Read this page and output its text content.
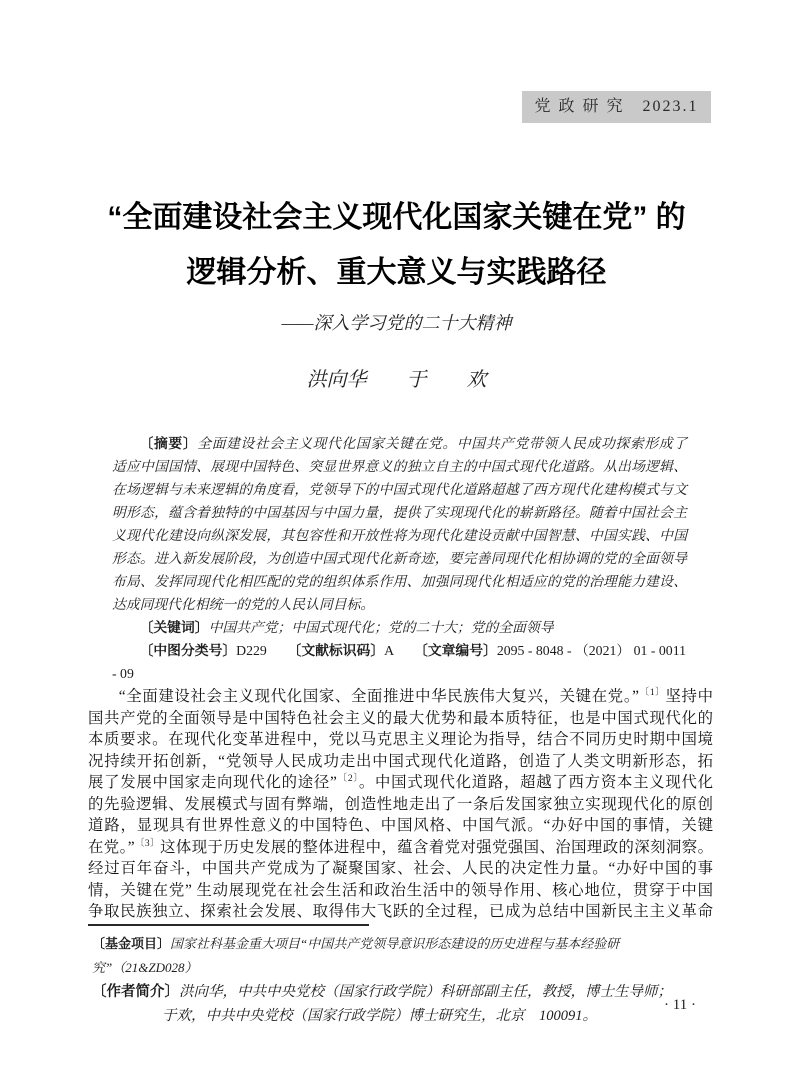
党 政 研 究　2023.1
“全面建设社会主义现代化国家关键在党” 的
逻辑分析、重大意义与实践路径
——深入学习党的二十大精神
洪向华　　于　　欢
〔摘要〕全面建设社会主义现代化国家关键在党。中国共产党带领人民成功探索形成了
适应中国国情、展现中国特色、突显世界意义的独立自主的中国式现代化道路。从出场逻辑、
在场逻辑与未来逻辑的角度看，党领导下的中国式现代化道路超越了西方现代化建构模式与文
明形态，蕴含着独特的中国基因与中国力量，提供了实现现代化的崭新路径。随着中国社会主
义现代化建设向纵深发展，其包容性和开放性将为现代化建设贡献中国智慧、中国实践、中国
形态。进入新发展阶段，为创造中国式现代化新奇迹，要完善同现代化相协调的党的全面领导
布局、发挥同现代化相匹配的党的组织体系作用、加强同现代化相适应的党的治理能力建设、
达成同现代化相统一的党的人民认同目标。
〔关键词〕中国共产党；中国式现代化；党的二十大；党的全面领导
〔中图分类号〕D229　　〔文献标识码〕A　　〔文章编号〕2095 - 8048 - （2021） 01 - 0011 - 09
“全面建设社会主义现代化国家、全面推进中华民族伟大复兴，关键在党。”$^{〔1〕}$坚持中
国共产党的全面领导是中国特色社会主义的最大优势和最本质特征，也是中国式现代化的
本质要求。在现代化变革进程中，党以马克思主义理论为指导，结合不同历史时期中国境
况持续开拓创新，“党领导人民成功走出中国式现代化道路，创造了人类文明新形态，拓
展了发展中国家走向现代化的途径”$^{〔2〕}$。中国式现代化道路，超越了西方资本主义现代化
的先验逻辑、发展模式与固有弊端，创造性地走出了一条后发国家独立实现现代化的原创
道路，显现具有世界性意义的中国特色、中国风格、中国气派。“办好中国的事情，关键
在党。”$^{〔3〕}$这体现于历史发展的整体进程中，蕴含着党对强党强国、治国理政的深刻洞察。
经过百年奋斗，中国共产党成为了凝聚国家、社会、人民的决定性力量。“办好中国的事
情，关键在党” 生动展现党在社会生活和政治生活中的领导作用、核心地位，贯穿于中国
争取民族独立、探索社会发展、取得伟大飞跃的全过程，已成为总结中国新民主主义革命
〔基金项目〕国家社科基金重大项目“中国共产党领导意识形态建设的历史进程与基本经验研究”（21&ZD028）
〔作者简介〕洪向华，中共中央党校（国家行政学院）科研部副主任，教授，博士生导师；
于欢，中共中央党校（国家行政学院）博士研究生，北京　100091。
· 11 ·
